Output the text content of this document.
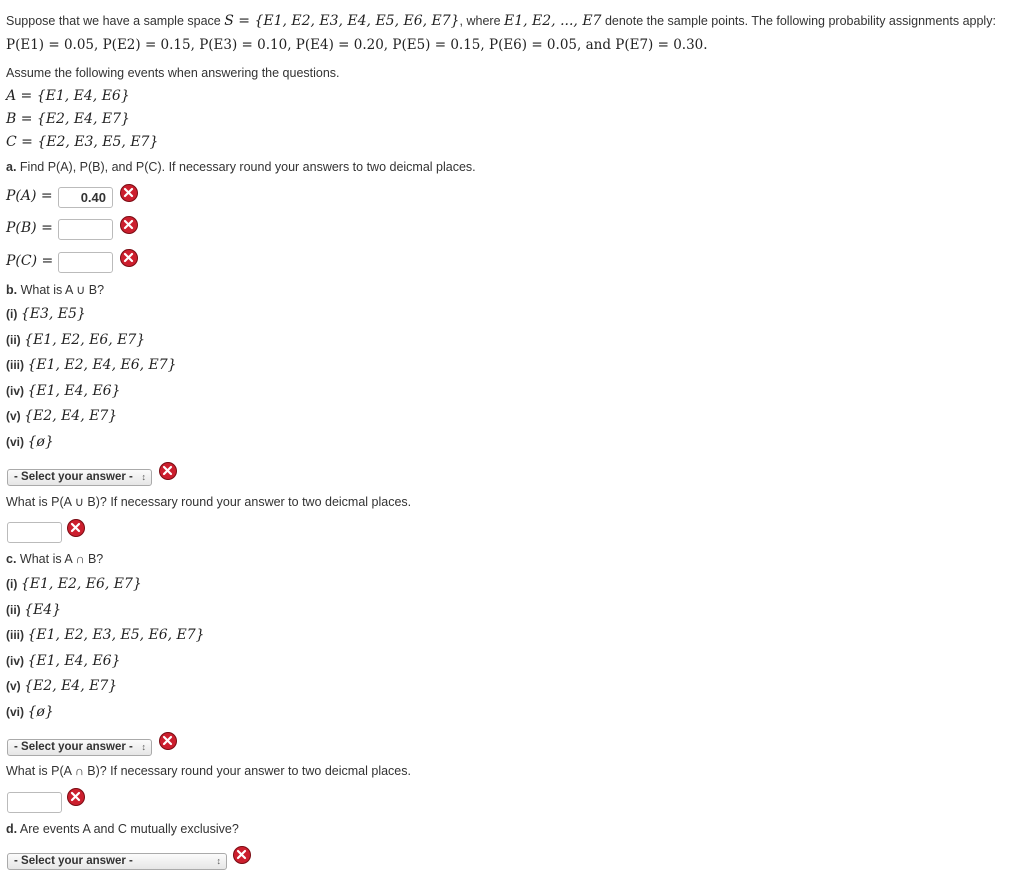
Suppose that we have a sample space S = {E1, E2, E3, E4, E5, E6, E7}, where E1, E2, ..., E7 denote the sample points. The following probability assignments apply:
P(E1) = 0.05, P(E2) = 0.15, P(E3) = 0.10, P(E4) = 0.20, P(E5) = 0.15, P(E6) = 0.05, and P(E7) = 0.30.
Assume the following events when answering the questions.
A = {E1, E4, E6}
B = {E2, E4, E7}
C = {E2, E3, E5, E7}
a. Find P(A), P(B), and P(C). If necessary round your answers to two deicmal places.
P(A) =	0.40
P(B) =
P(C) =
b. What is A ∪ B?
(i) {E3, E5}
(ii) {E1, E2, E6, E7}
(iii) {E1, E2, E4, E6, E7}
(iv) {E1, E4, E6}
(v) {E2, E4, E7}
(vi) {ø}
- Select your answer - ↕
What is P(A ∪ B)? If necessary round your answer to two deicmal places.
c. What is A ∩ B?
(i) {E1, E2, E6, E7}
(ii) {E4}
(iii) {E1, E2, E3, E5, E6, E7}
(iv) {E1, E4, E6}
(v) {E2, E4, E7}
(vi) {ø}
- Select your answer - ↕
What is P(A ∩ B)? If necessary round your answer to two deicmal places.
d. Are events A and C mutually exclusive?
- Select your answer -	↕
